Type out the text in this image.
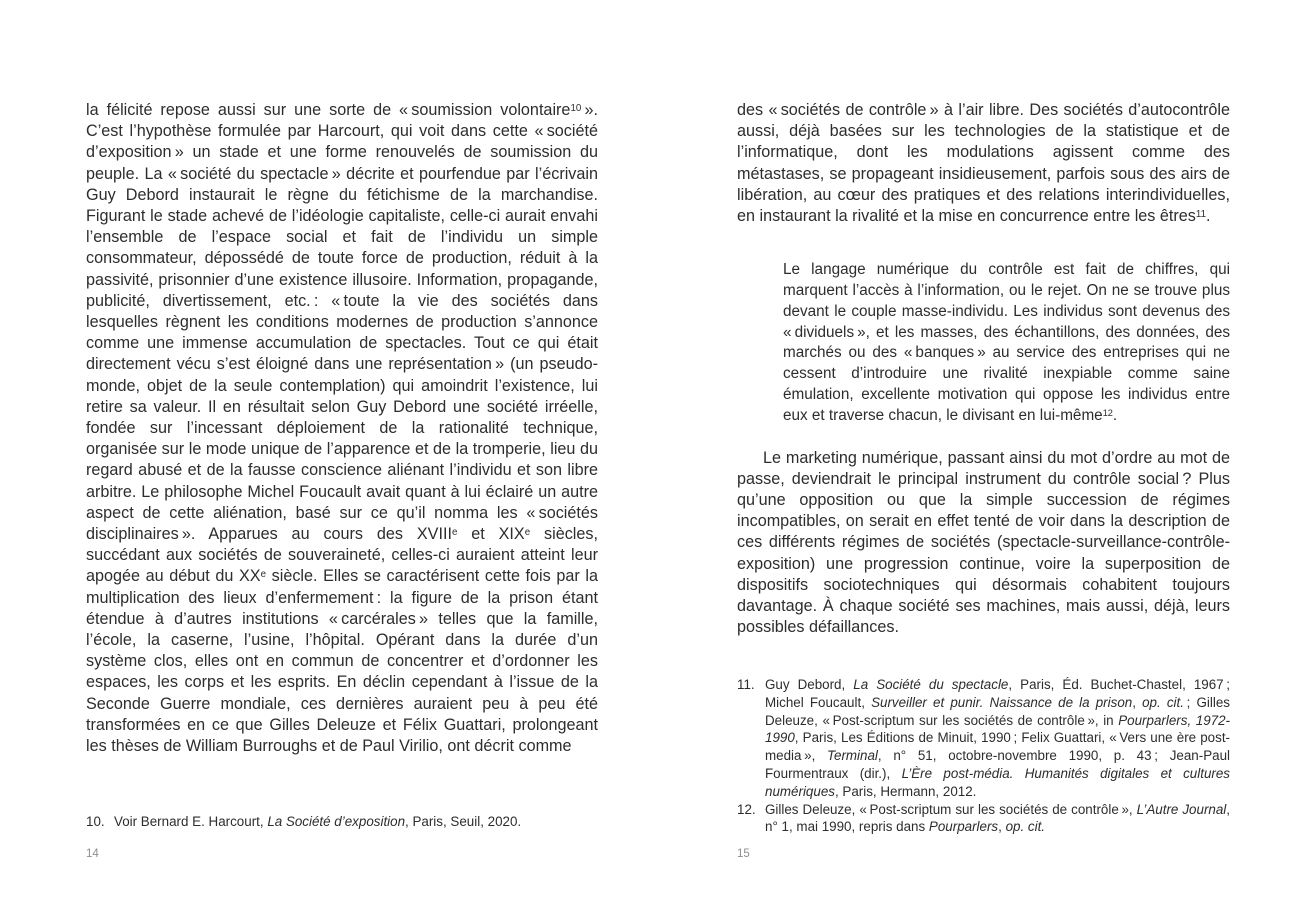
la félicité repose aussi sur une sorte de « soumission volontaire$^{10}$ ». C’est l’hypothèse formulée par Harcourt, qui voit dans cette « société d’exposition » un stade et une forme renouvelés de soumission du peuple. La « société du spectacle » décrite et pourfendue par l’écrivain Guy Debord instaurait le règne du fétichisme de la marchandise. Figurant le stade achevé de l’idéologie capitaliste, celle-ci aurait envahi l’ensemble de l’espace social et fait de l’individu un simple consommateur, dépossédé de toute force de production, réduit à la passivité, prisonnier d’une existence illusoire. Information, propagande, publicité, divertissement, etc. : « toute la vie des sociétés dans lesquelles règnent les conditions modernes de production s’annonce comme une immense accumulation de spectacles. Tout ce qui était directement vécu s’est éloigné dans une représentation » (un pseudo-monde, objet de la seule contemplation) qui amoindrit l’existence, lui retire sa valeur. Il en résultait selon Guy Debord une société irréelle, fondée sur l’incessant déploiement de la rationalité technique, organisée sur le mode unique de l’apparence et de la tromperie, lieu du regard abusé et de la fausse conscience aliénant l’individu et son libre arbitre. Le philosophe Michel Foucault avait quant à lui éclairé un autre aspect de cette aliénation, basé sur ce qu’il nomma les « sociétés disciplinaires ». Apparues au cours des XVIIIe et XIXe siècles, succédant aux sociétés de souveraineté, celles-ci auraient atteint leur apogée au début du XXe siècle. Elles se caractérisent cette fois par la multiplication des lieux d’enfermement : la figure de la prison étant étendue à d’autres institutions « carcérales » telles que la famille, l’école, la caserne, l’usine, l’hôpital. Opérant dans la durée d’un système clos, elles ont en commun de concentrer et d’ordonner les espaces, les corps et les esprits. En déclin cependant à l’issue de la Seconde Guerre mondiale, ces dernières auraient peu à peu été transformées en ce que Gilles Deleuze et Félix Guattari, prolongeant les thèses de William Burroughs et de Paul Virilio, ont décrit comme
10. Voir Bernard E. Harcourt, La Société d’exposition, Paris, Seuil, 2020.
14
des « sociétés de contrôle » à l’air libre. Des sociétés d’autocontrôle aussi, déjà basées sur les technologies de la statistique et de l’informatique, dont les modulations agissent comme des métastases, se propageant insidieusement, parfois sous des airs de libération, au cœur des pratiques et des relations interindividuelles, en instaurant la rivalité et la mise en concurrence entre les êtres$^{11}$.
Le langage numérique du contrôle est fait de chiffres, qui marquent l’accès à l’information, ou le rejet. On ne se trouve plus devant le couple masse-individu. Les individus sont devenus des « dividuels », et les masses, des échantillons, des données, des marchés ou des « banques » au service des entreprises qui ne cessent d’introduire une rivalité inexpiable comme saine émulation, excellente motivation qui oppose les individus entre eux et traverse chacun, le divisant en lui-même$^{12}$.
Le marketing numérique, passant ainsi du mot d’ordre au mot de passe, deviendrait le principal instrument du contrôle social ? Plus qu’une opposition ou que la simple succession de régimes incompatibles, on serait en effet tenté de voir dans la description de ces différents régimes de sociétés (spectacle-surveillance-contrôle-exposition) une progression continue, voire la superposition de dispositifs sociotechniques qui désormais cohabitent toujours davantage. À chaque société ses machines, mais aussi, déjà, leurs possibles défaillances.
11. Guy Debord, La Société du spectacle, Paris, Éd. Buchet-Chastel, 1967 ; Michel Foucault, Surveiller et punir. Naissance de la prison, op. cit. ; Gilles Deleuze, « Post-scriptum sur les sociétés de contrôle », in Pourparlers, 1972-1990, Paris, Les Éditions de Minuit, 1990 ; Felix Guattari, « Vers une ère post-media », Terminal, n° 51, octobre-novembre 1990, p. 43 ; Jean-Paul Fourmentraux (dir.), L’Ère post-média. Humanités digitales et cultures numériques, Paris, Hermann, 2012.
12. Gilles Deleuze, « Post-scriptum sur les sociétés de contrôle », L’Autre Journal, n° 1, mai 1990, repris dans Pourparlers, op. cit.
15
